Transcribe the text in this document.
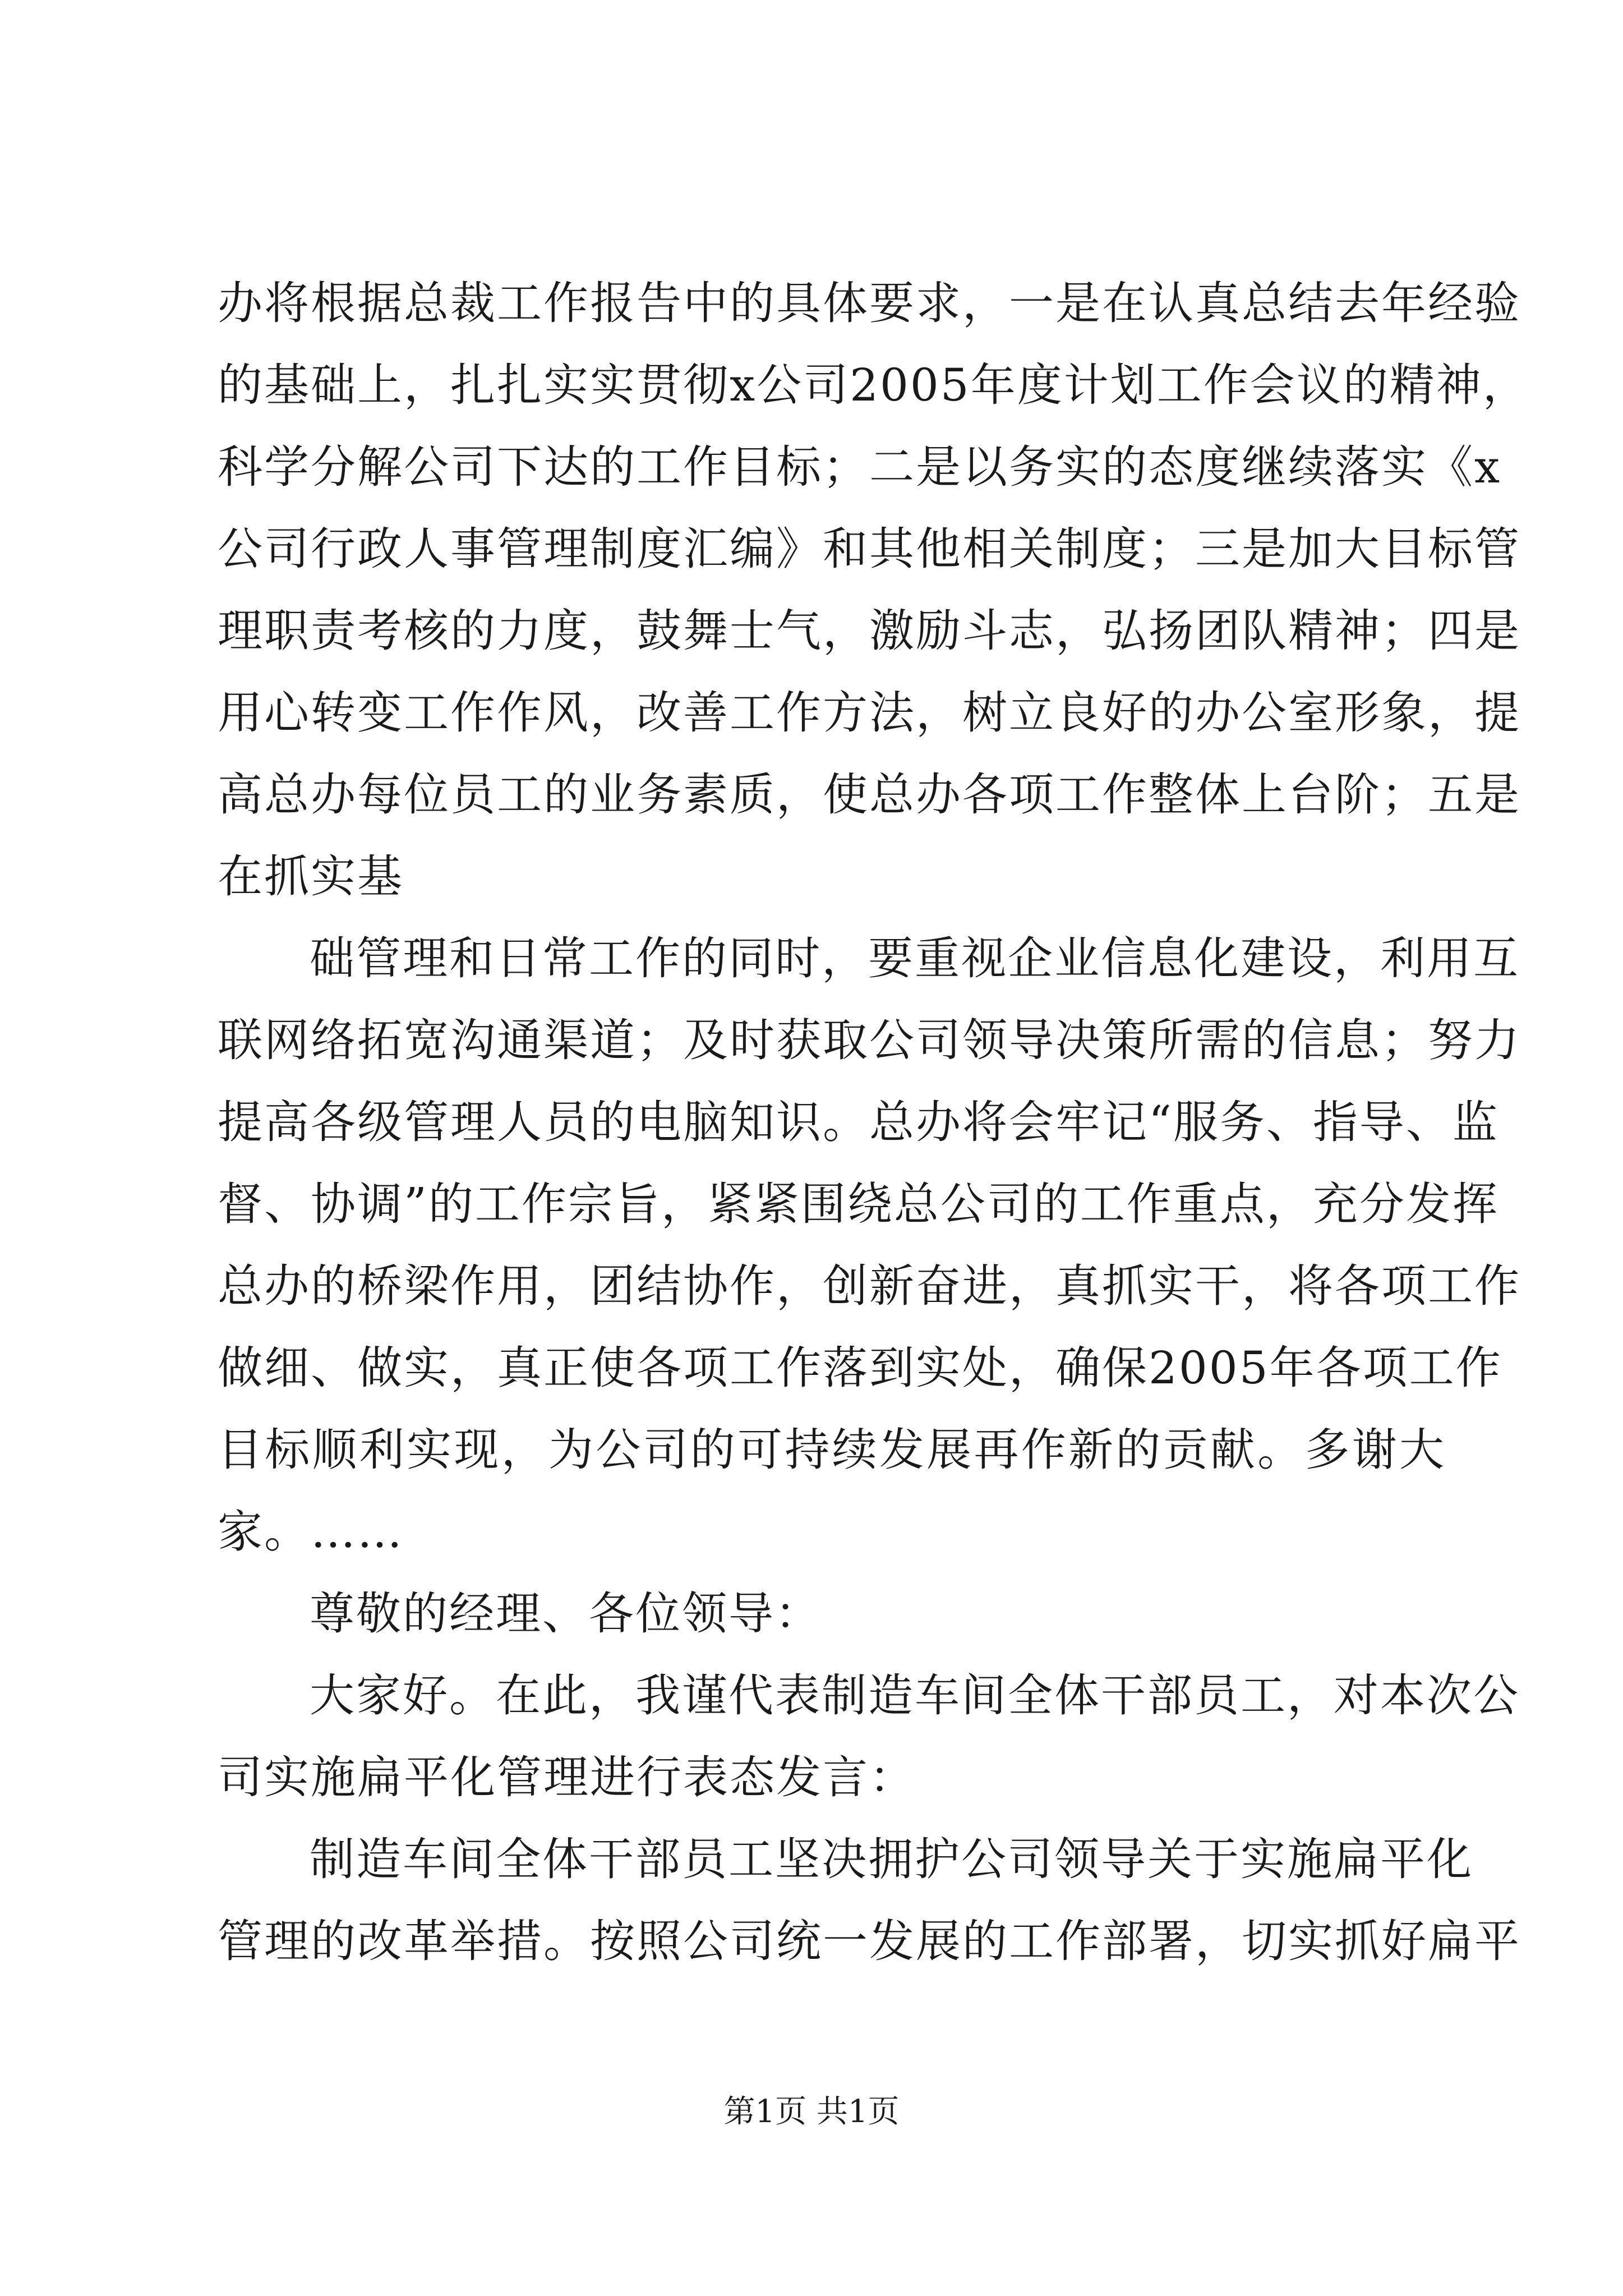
办将根据总裁工作报告中的具体要求，一是在认真总结去年经验
的基础上，扎扎实实贯彻x公司2005年度计划工作会议的精神，
科学分解公司下达的工作目标；二是以务实的态度继续落实《x
公司行政人事管理制度汇编》和其他相关制度；三是加大目标管
理职责考核的力度，鼓舞士气，激励斗志，弘扬团队精神；四是
用心转变工作作风，改善工作方法，树立良好的办公室形象，提
高总办每位员工的业务素质，使总办各项工作整体上台阶；五是
在抓实基
础管理和日常工作的同时，要重视企业信息化建设，利用互
联网络拓宽沟通渠道；及时获取公司领导决策所需的信息；努力
提高各级管理人员的电脑知识。总办将会牢记“服务、指导、监
督、协调”的工作宗旨，紧紧围绕总公司的工作重点，充分发挥
总办的桥梁作用，团结协作，创新奋进，真抓实干，将各项工作
做细、做实，真正使各项工作落到实处，确保2005年各项工作
目标顺利实现，为公司的可持续发展再作新的贡献。多谢大
家。……
尊敬的经理、各位领导：
大家好。在此，我谨代表制造车间全体干部员工，对本次公
司实施扁平化管理进行表态发言：
制造车间全体干部员工坚决拥护公司领导关于实施扁平化
管理的改革举措。按照公司统一发展的工作部署，切实抓好扁平
第1页 共1页
